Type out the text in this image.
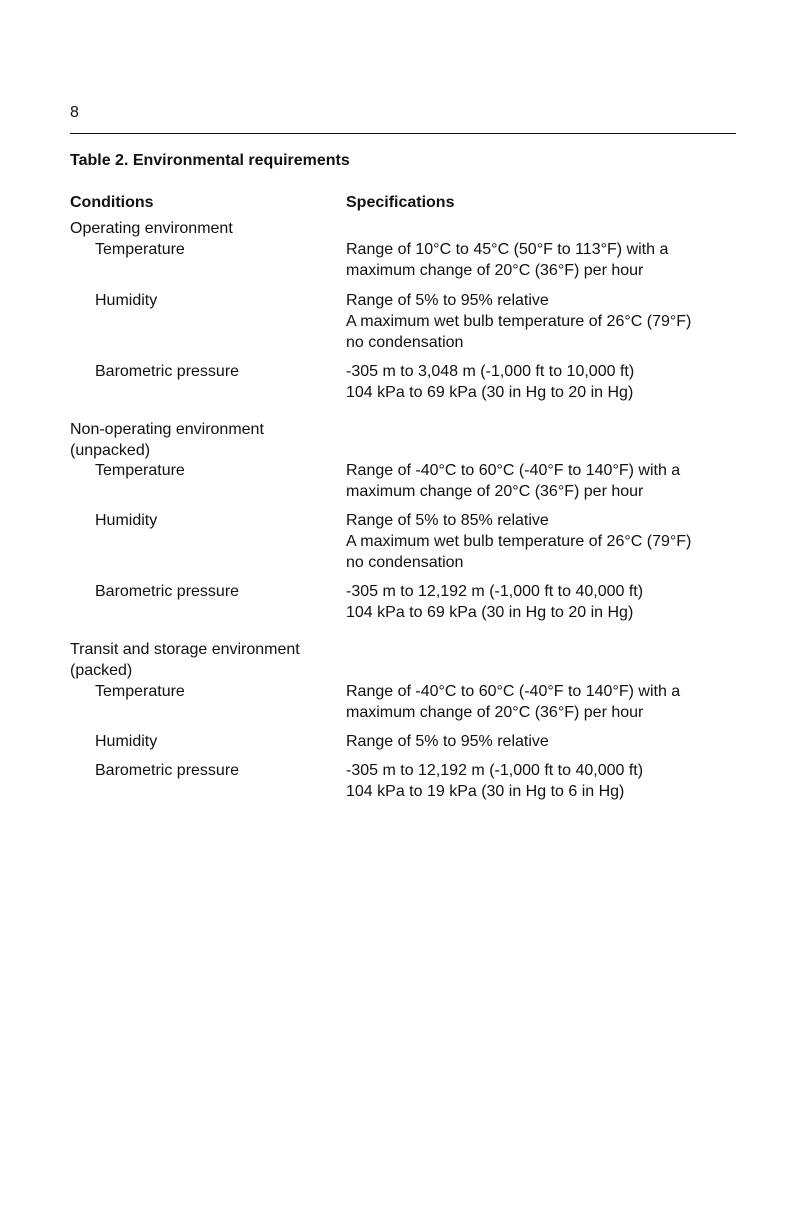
8
Table 2. Environmental requirements
Conditions	Specifications
Operating environment
Temperature	Range of 10°C to 45°C (50°F to 113°F) with a
maximum change of 20°C (36°F) per hour
Humidity	Range of 5% to 95% relative
A maximum wet bulb temperature of 26°C (79°F)
no condensation
Barometric pressure	-305 m to 3,048 m (-1,000 ft to 10,000 ft)
104 kPa to 69 kPa (30 in Hg to 20 in Hg)
Non-operating environment
(unpacked)
Temperature	Range of -40°C to 60°C (-40°F to 140°F) with a
maximum change of 20°C (36°F) per hour
Humidity	Range of 5% to 85% relative
A maximum wet bulb temperature of 26°C (79°F)
no condensation
Barometric pressure	-305 m to 12,192 m (-1,000 ft to 40,000 ft)
104 kPa to 69 kPa (30 in Hg to 20 in Hg)
Transit and storage environment
(packed)
Temperature	Range of -40°C to 60°C (-40°F to 140°F) with a
maximum change of 20°C (36°F) per hour
Humidity	Range of 5% to 95% relative
Barometric pressure	-305 m to 12,192 m (-1,000 ft to 40,000 ft)
104 kPa to 19 kPa (30 in Hg to 6 in Hg)
